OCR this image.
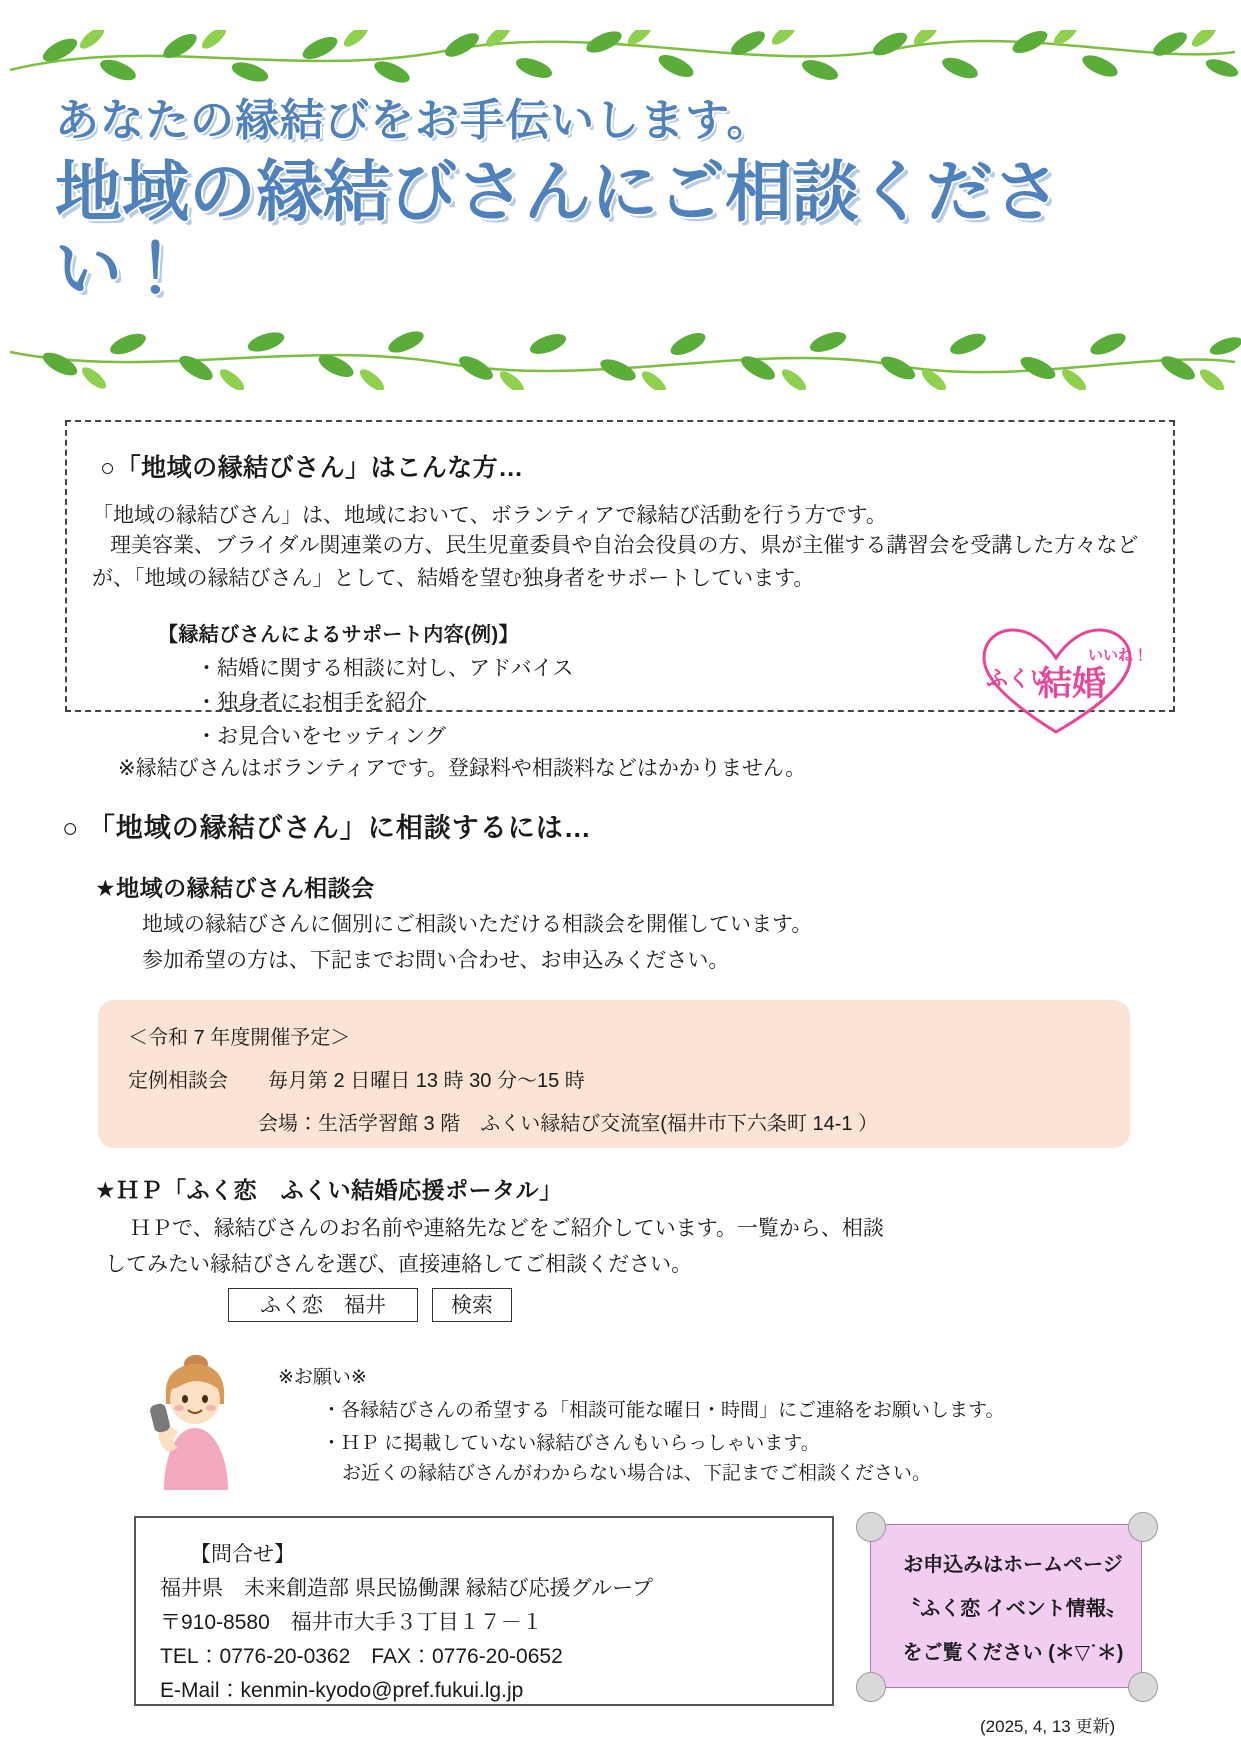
あなたの縁結びをお手伝いします。
地域の縁結びさんにご相談ください！
○「地域の縁結びさん」はこんな方…
「地域の縁結びさん」は、地域において、ボランティアで縁結び活動を行う方です。
理美容業、ブライダル関連業の方、民生児童委員や自治会役員の方、県が主催する講習会を受講した方々などが、「地域の縁結びさん」として、結婚を望む独身者をサポートしています。
【縁結びさんによるサポート内容(例)】
・結婚に関する相談に対し、アドバイス
・独身者にお相手を紹介
・お見合いをセッティング
※縁結びさんはボランティアです。登録料や相談料などはかかりません。
ふくい
結婚
いいね！
○ 「地域の縁結びさん」に相談するには…
★地域の縁結びさん相談会
地域の縁結びさんに個別にご相談いただける相談会を開催しています。
参加希望の方は、下記までお問い合わせ、お申込みください。
＜令和 7 年度開催予定＞
定例相談会　　毎月第 2 日曜日 13 時 30 分～15 時
会場：生活学習館 3 階　ふくい縁結び交流室(福井市下六条町 14-1 ）
★ＨＰ「ふく恋　ふくい結婚応援ポータル」
ＨＰで、縁結びさんのお名前や連絡先などをご紹介しています。一覧から、相談
してみたい縁結びさんを選び、直接連絡してご相談ください。
ふく恋　福井	検索
※お願い※
・各縁結びさんの希望する「相談可能な曜日・時間」にご連絡をお願いします。
・ＨＰ に掲載していない縁結びさんもいらっしゃいます。
お近くの縁結びさんがわからない場合は、下記までご相談ください。
【問合せ】
福井県　未来創造部 県民協働課 縁結び応援グループ
〒910-8580　福井市大手３丁目１７－１
TEL：0776-20-0362　FAX：0776-20-0652
E-Mail：kenmin-kyodo@pref.fukui.lg.jp
お申込みはホームページ
〝ふく恋 イベント情報〟
をご覧ください (＊▽˙＊)
(2025, 4, 13 更新)
